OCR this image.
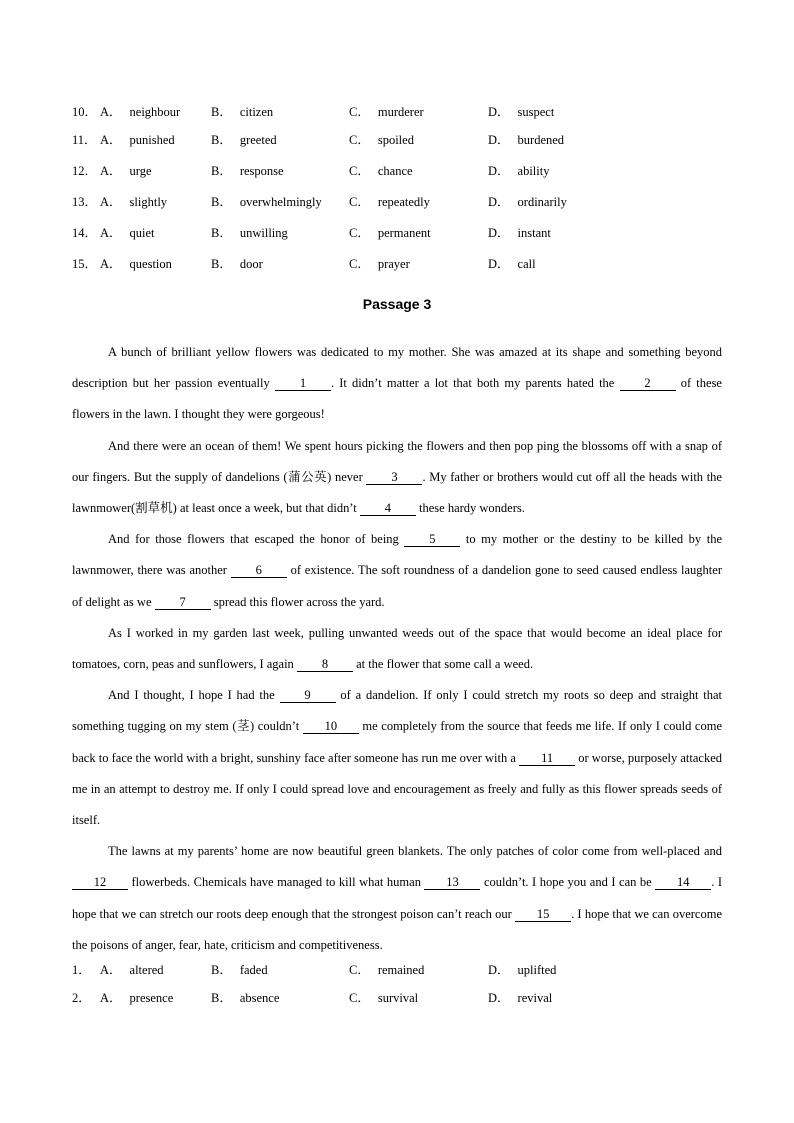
10． A． neighbour B． citizen	C． murderer	D． suspect
11． A． punished	B． greeted	C． spoiled	D． burdened
12． A． urge	B． response	C． chance	D． ability
13． A． slightly	B． overwhelmingly C． repeatedly	D． ordinarily
14． A． quiet	B． unwilling	C． permanent	D． instant
15． A． question	B． door	C． prayer	D． call
Passage 3

A bunch of brilliant yellow flowers was dedicated to my mother. She was amazed at its shape and something beyond description but her passion eventually 1 . It didn’t matter a lot that both my parents hated the 2 of these flowers in the lawn. I thought they were gorgeous!

And there were an ocean of them! We spent hours picking the flowers and then pop ping the blossoms off with a snap of our fingers. But the supply of dandelions (蒲公英) never 3 . My father or brothers would cut off all the heads with the lawnmower(割草机) at least once a week, but that didn’t 4 these hardy wonders.

And for those flowers that escaped the honor of being 5 to my mother or the destiny to be killed by the lawnmower, there was another 6 of existence. The soft roundness of a dandelion gone to seed caused endless laughter of delight as we 7 spread this flower across the yard.

As I worked in my garden last week, pulling unwanted weeds out of the space that would become an ideal place for tomatoes, corn, peas and sunflowers, I again 8 at the flower that some call a weed.

And I thought, I hope I had the 9 of a dandelion. If only I could stretch my roots so deep and straight that something tugging on my stem (茎) couldn’t 10 me completely from the source that feeds me life. If only I could come back to face the world with a bright, sunshiny face after someone has run me over with a 11 or worse, purposely attacked me in an attempt to destroy me. If only I could spread love and encouragement as freely and fully as this flower spreads seeds of itself.

The lawns at my parents’ home are now beautiful green blankets. The only patches of color come from well-placed and 12 flowerbeds. Chemicals have managed to kill what human 13 couldn’t. I hope you and I can be 14 . I hope that we can stretch our roots deep enough that the strongest poison can’t reach our 15 . I hope that we can overcome the poisons of anger, fear, hate, criticism and competitiveness.

1． A． altered	B． faded	C． remained	D． uplifted
2． A． presence	B． absence	C． survival	D． revival
